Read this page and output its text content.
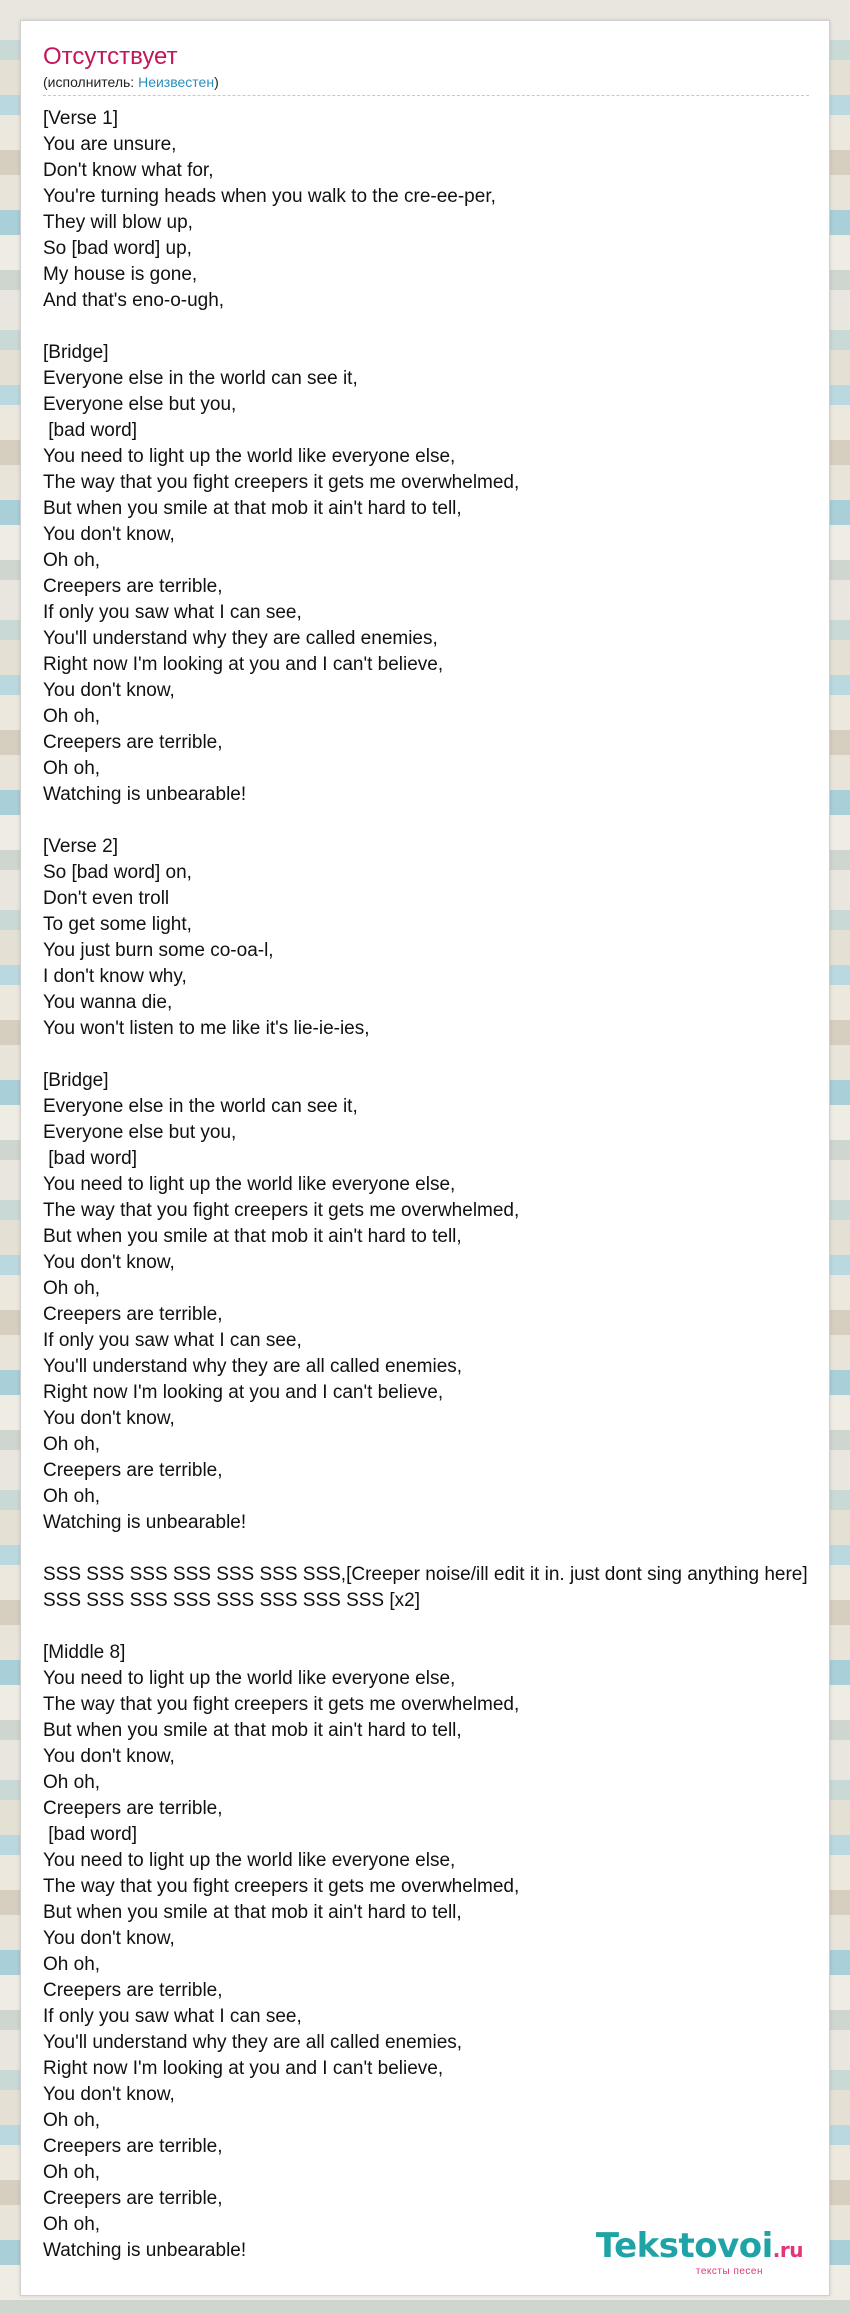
Отсутствует
(исполнитель: Неизвестен)
[Verse 1]
You are unsure,
Don't know what for,
You're turning heads when you walk to the cre-ee-per,
They will blow up,
So [bad word] up,
My house is gone,
And that's eno-o-ugh,
[Bridge]
Everyone else in the world can see it,
Everyone else but you,
[bad word]
You need to light up the world like everyone else,
The way that you fight creepers it gets me overwhelmed,
But when you smile at that mob it ain't hard to tell,
You don't know,
Oh oh,
Creepers are terrible,
If only you saw what I can see,
You'll understand why they are called enemies,
Right now I'm looking at you and I can't believe,
You don't know,
Oh oh,
Creepers are terrible,
Oh oh,
Watching is unbearable!
[Verse 2]
So [bad word] on,
Don't even troll
To get some light,
You just burn some co-oa-l,
I don't know why,
You wanna die,
You won't listen to me like it's lie-ie-ies,
[Bridge]
Everyone else in the world can see it,
Everyone else but you,
[bad word]
You need to light up the world like everyone else,
The way that you fight creepers it gets me overwhelmed,
But when you smile at that mob it ain't hard to tell,
You don't know,
Oh oh,
Creepers are terrible,
If only you saw what I can see,
You'll understand why they are all called enemies,
Right now I'm looking at you and I can't believe,
You don't know,
Oh oh,
Creepers are terrible,
Oh oh,
Watching is unbearable!
SSS SSS SSS SSS SSS SSS SSS,[Creeper noise/ill edit it in. just dont sing anything here]
SSS SSS SSS SSS SSS SSS SSS SSS [x2]
[Middle 8]
You need to light up the world like everyone else,
The way that you fight creepers it gets me overwhelmed,
But when you smile at that mob it ain't hard to tell,
You don't know,
Oh oh,
Creepers are terrible,
[bad word]
You need to light up the world like everyone else,
The way that you fight creepers it gets me overwhelmed,
But when you smile at that mob it ain't hard to tell,
You don't know,
Oh oh,
Creepers are terrible,
If only you saw what I can see,
You'll understand why they are all called enemies,
Right now I'm looking at you and I can't believe,
You don't know,
Oh oh,
Creepers are terrible,
Oh oh,
Creepers are terrible,
Oh oh,
Watching is unbearable!	Tekstovoi.ru
тексты песен
